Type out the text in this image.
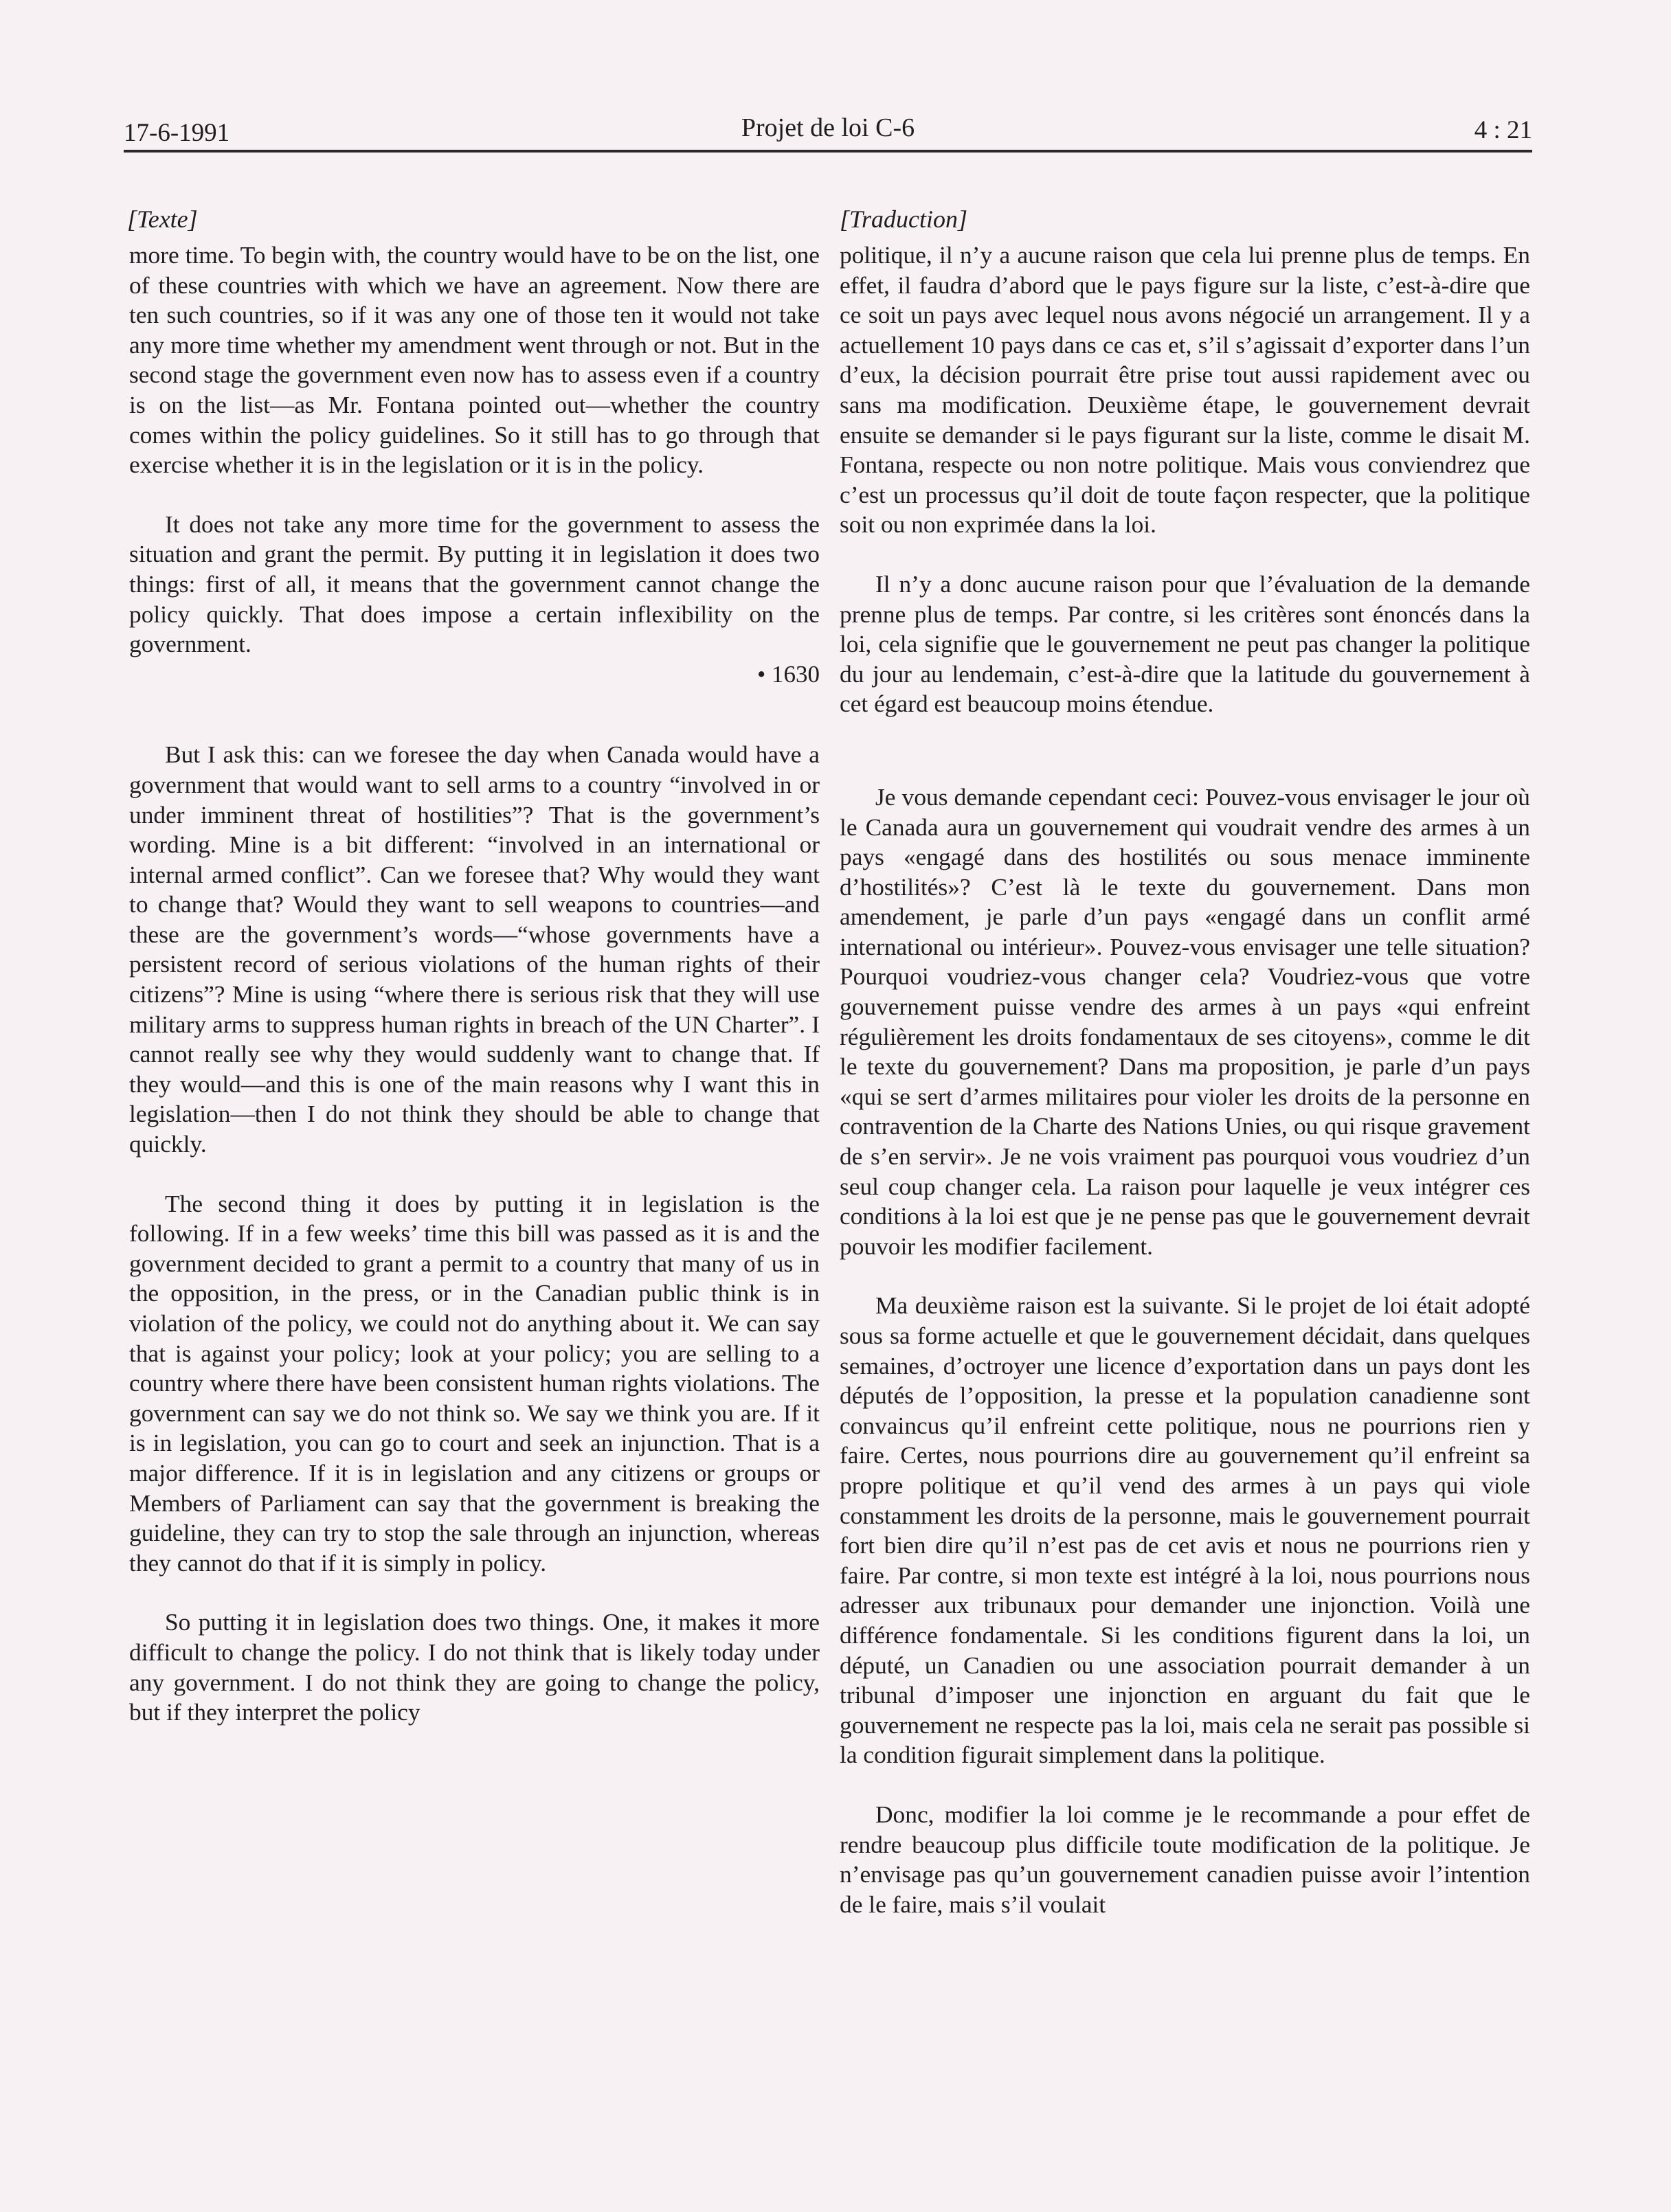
17-6-1991	Projet de loi C-6	4 : 21
[Texte]	[Traduction]

more time. To begin with, the country would have to be on the list, one of these countries with which we have an agreement. Now there are ten such countries, so if it was any one of those ten it would not take any more time whether my amendment went through or not. But in the second stage the government even now has to assess even if a country is on the list—as Mr. Fontana pointed out—whether the country comes within the policy guidelines. So it still has to go through that exercise whether it is in the legislation or it is in the policy.

It does not take any more time for the government to assess the situation and grant the permit. By putting it in legislation it does two things: first of all, it means that the government cannot change the policy quickly. That does impose a certain inflexibility on the government.

• 1630

But I ask this: can we foresee the day when Canada would have a government that would want to sell arms to a country “involved in or under imminent threat of hostilities”? That is the government’s wording. Mine is a bit different: “involved in an international or internal armed conflict”. Can we foresee that? Why would they want to change that? Would they want to sell weapons to countries—and these are the government’s words—“whose governments have a persistent record of serious violations of the human rights of their citizens”? Mine is using “where there is serious risk that they will use military arms to suppress human rights in breach of the UN Charter”. I cannot really see why they would suddenly want to change that. If they would—and this is one of the main reasons why I want this in legislation—then I do not think they should be able to change that quickly.

The second thing it does by putting it in legislation is the following. If in a few weeks’ time this bill was passed as it is and the government decided to grant a permit to a country that many of us in the opposition, in the press, or in the Canadian public think is in violation of the policy, we could not do anything about it. We can say that is against your policy; look at your policy; you are selling to a country where there have been consistent human rights violations. The government can say we do not think so. We say we think you are. If it is in legislation, you can go to court and seek an injunction. That is a major difference. If it is in legislation and any citizens or groups or Members of Parliament can say that the government is breaking the guideline, they can try to stop the sale through an injunction, whereas they cannot do that if it is simply in policy.

So putting it in legislation does two things. One, it makes it more difficult to change the policy. I do not think that is likely today under any government. I do not think they are going to change the policy, but if they interpret the policy

politique, il n’y a aucune raison que cela lui prenne plus de temps. En effet, il faudra d’abord que le pays figure sur la liste, c’est-à-dire que ce soit un pays avec lequel nous avons négocié un arrangement. Il y a actuellement 10 pays dans ce cas et, s’il s’agissait d’exporter dans l’un d’eux, la décision pourrait être prise tout aussi rapidement avec ou sans ma modification. Deuxième étape, le gouvernement devrait ensuite se demander si le pays figurant sur la liste, comme le disait M. Fontana, respecte ou non notre politique. Mais vous conviendrez que c’est un processus qu’il doit de toute façon respecter, que la politique soit ou non exprimée dans la loi.

Il n’y a donc aucune raison pour que l’évaluation de la demande prenne plus de temps. Par contre, si les critères sont énoncés dans la loi, cela signifie que le gouvernement ne peut pas changer la politique du jour au lendemain, c’est-à-dire que la latitude du gouvernement à cet égard est beaucoup moins étendue.

Je vous demande cependant ceci: Pouvez-vous envisager le jour où le Canada aura un gouvernement qui voudrait vendre des armes à un pays «engagé dans des hostilités ou sous menace imminente d’hostilités»? C’est là le texte du gouvernement. Dans mon amendement, je parle d’un pays «engagé dans un conflit armé international ou intérieur». Pouvez-vous envisager une telle situation? Pourquoi voudriez-vous changer cela? Voudriez-vous que votre gouvernement puisse vendre des armes à un pays «qui enfreint régulièrement les droits fondamentaux de ses citoyens», comme le dit le texte du gouvernement? Dans ma proposition, je parle d’un pays «qui se sert d’armes militaires pour violer les droits de la personne en contravention de la Charte des Nations Unies, ou qui risque gravement de s’en servir». Je ne vois vraiment pas pourquoi vous voudriez d’un seul coup changer cela. La raison pour laquelle je veux intégrer ces conditions à la loi est que je ne pense pas que le gouvernement devrait pouvoir les modifier facilement.

Ma deuxième raison est la suivante. Si le projet de loi était adopté sous sa forme actuelle et que le gouvernement décidait, dans quelques semaines, d’octroyer une licence d’exportation dans un pays dont les députés de l’opposition, la presse et la population canadienne sont convaincus qu’il enfreint cette politique, nous ne pourrions rien y faire. Certes, nous pourrions dire au gouvernement qu’il enfreint sa propre politique et qu’il vend des armes à un pays qui viole constamment les droits de la personne, mais le gouvernement pourrait fort bien dire qu’il n’est pas de cet avis et nous ne pourrions rien y faire. Par contre, si mon texte est intégré à la loi, nous pourrions nous adresser aux tribunaux pour demander une injonction. Voilà une différence fondamentale. Si les conditions figurent dans la loi, un député, un Canadien ou une association pourrait demander à un tribunal d’imposer une injonction en arguant du fait que le gouvernement ne respecte pas la loi, mais cela ne serait pas possible si la condition figurait simplement dans la politique.

Donc, modifier la loi comme je le recommande a pour effet de rendre beaucoup plus difficile toute modification de la politique. Je n’envisage pas qu’un gouvernement canadien puisse avoir l’intention de le faire, mais s’il voulait
